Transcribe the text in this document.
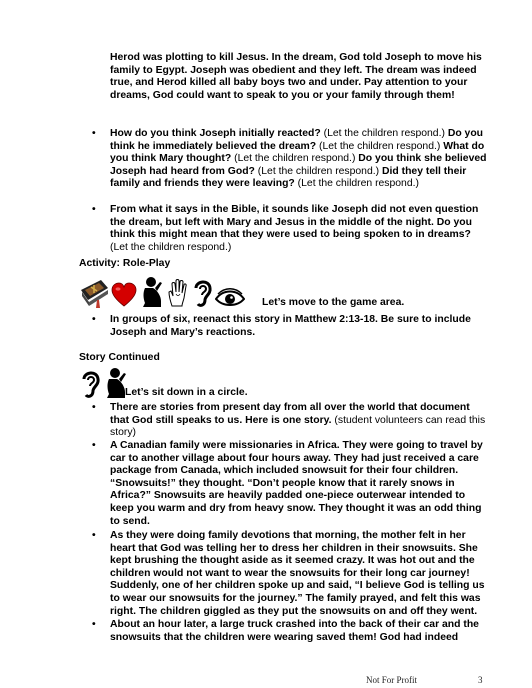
Herod was plotting to kill Jesus. In the dream, God told Joseph to move his family to Egypt. Joseph was obedient and they left. The dream was indeed true, and Herod killed all baby boys two and under. Pay attention to your dreams, God could want to speak to you or your family through them!
• How do you think Joseph initially reacted? (Let the children respond.) Do you think he immediately believed the dream? (Let the children respond.) What do you think Mary thought? (Let the children respond.) Do you think she believed Joseph had heard from God? (Let the children respond.) Did they tell their family and friends they were leaving? (Let the children respond.)
• From what it says in the Bible, it sounds like Joseph did not even question the dream, but left with Mary and Jesus in the middle of the night. Do you think this might mean that they were used to being spoken to in dreams? (Let the children respond.)
Activity: Role-Play
Let’s move to the game area.
• In groups of six, reenact this story in Matthew 2:13-18. Be sure to include Joseph and Mary’s reactions.
Story Continued
Let’s sit down in a circle.
• There are stories from present day from all over the world that document that God still speaks to us. Here is one story. (student volunteers can read this story)
• A Canadian family were missionaries in Africa. They were going to travel by car to another village about four hours away. They had just received a care package from Canada, which included snowsuit for their four children. “Snowsuits!” they thought. “Don’t people know that it rarely snows in Africa?” Snowsuits are heavily padded one-piece outerwear intended to keep you warm and dry from heavy snow. They thought it was an odd thing to send.
• As they were doing family devotions that morning, the mother felt in her heart that God was telling her to dress her children in their snowsuits. She kept brushing the thought aside as it seemed crazy. It was hot out and the children would not want to wear the snowsuits for their long car journey! Suddenly, one of her children spoke up and said, “I believe God is telling us to wear our snowsuits for the journey.” The family prayed, and felt this was right. The children giggled as they put the snowsuits on and off they went.
• About an hour later, a large truck crashed into the back of their car and the snowsuits that the children were wearing saved them! God had indeed
Not For Profit	3
